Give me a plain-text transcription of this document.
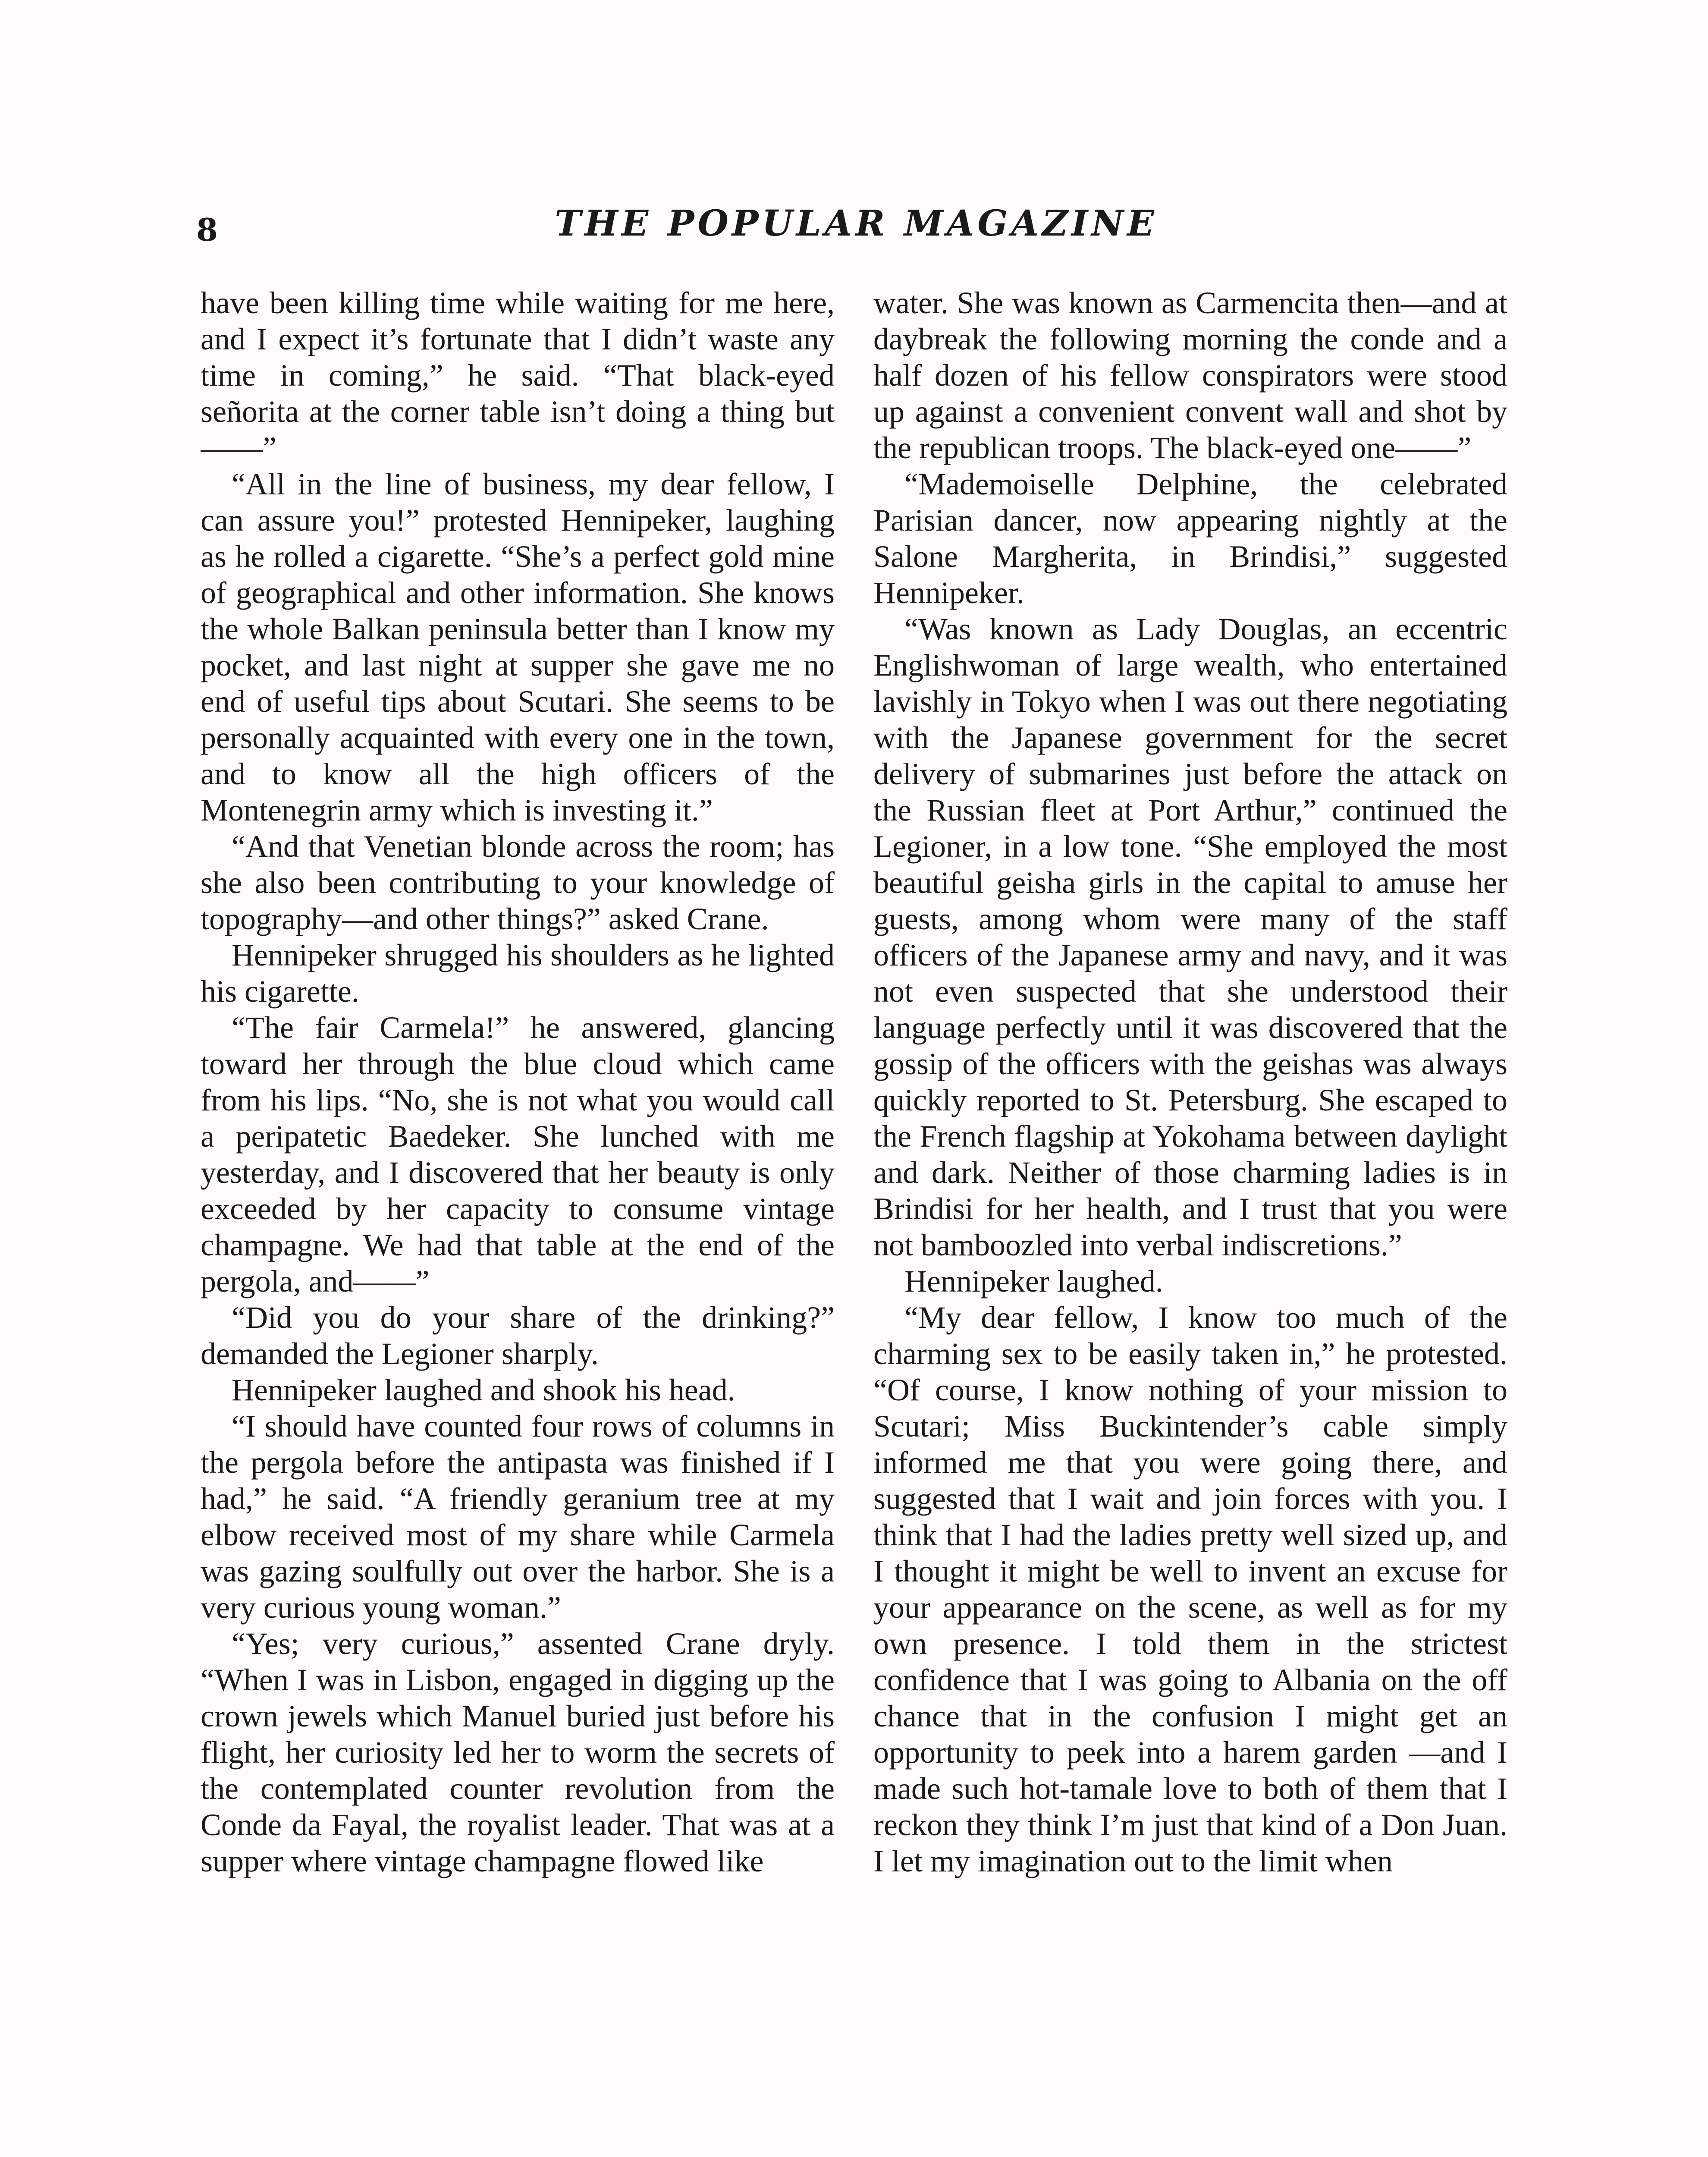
8	THE POPULAR MAGAZINE

have been killing time while waiting for me here, and I expect it’s fortunate that I didn’t waste any time in coming,” he said. “That black-eyed señorita at the corner table isn’t doing a thing but——”

“All in the line of business, my dear fellow, I can assure you!” protested Hennipeker, laughing as he rolled a cigarette. “She’s a perfect gold mine of geographical and other information. She knows the whole Balkan peninsula better than I know my pocket, and last night at supper she gave me no end of useful tips about Scutari. She seems to be personally acquainted with every one in the town, and to know all the high officers of the Montenegrin army which is investing it.”

“And that Venetian blonde across the room; has she also been contributing to your knowledge of topography—and other things?” asked Crane.

Hennipeker shrugged his shoulders as he lighted his cigarette.

“The fair Carmela!” he answered, glancing toward her through the blue cloud which came from his lips. “No, she is not what you would call a peripatetic Baedeker. She lunched with me yesterday, and I discovered that her beauty is only exceeded by her capacity to consume vintage champagne. We had that table at the end of the pergola, and——”

“Did you do your share of the drinking?” demanded the Legioner sharply.

Hennipeker laughed and shook his head.

“I should have counted four rows of columns in the pergola before the antipasta was finished if I had,” he said. “A friendly geranium tree at my elbow received most of my share while Carmela was gazing soulfully out over the harbor. She is a very curious young woman.”

“Yes; very curious,” assented Crane dryly. “When I was in Lisbon, engaged in digging up the crown jewels which Manuel buried just before his flight, her curiosity led her to worm the secrets of the contemplated counter revolution from the Conde da Fayal, the royalist leader. That was at a supper where vintage champagne flowed like

water. She was known as Carmencita then—and at daybreak the following morning the conde and a half dozen of his fellow conspirators were stood up against a convenient convent wall and shot by the republican troops. The black-eyed one——”

“Mademoiselle Delphine, the celebrated Parisian dancer, now appearing nightly at the Salone Margherita, in Brindisi,” suggested Hennipeker.

“Was known as Lady Douglas, an eccentric Englishwoman of large wealth, who entertained lavishly in Tokyo when I was out there negotiating with the Japanese government for the secret delivery of submarines just before the attack on the Russian fleet at Port Arthur,” continued the Legioner, in a low tone. “She employed the most beautiful geisha girls in the capital to amuse her guests, among whom were many of the staff officers of the Japanese army and navy, and it was not even suspected that she understood their language perfectly until it was discovered that the gossip of the officers with the geishas was always quickly reported to St. Petersburg. She escaped to the French flagship at Yokohama between daylight and dark. Neither of those charming ladies is in Brindisi for her health, and I trust that you were not bamboozled into verbal indiscretions.”

Hennipeker laughed.

“My dear fellow, I know too much of the charming sex to be easily taken in,” he protested. “Of course, I know nothing of your mission to Scutari; Miss Buckintender’s cable simply informed me that you were going there, and suggested that I wait and join forces with you. I think that I had the ladies pretty well sized up, and I thought it might be well to invent an excuse for your appearance on the scene, as well as for my own presence. I told them in the strictest confidence that I was going to Albania on the off chance that in the confusion I might get an opportunity to peek into a harem garden —and I made such hot-tamale love to both of them that I reckon they think I’m just that kind of a Don Juan. I let my imagination out to the limit when
